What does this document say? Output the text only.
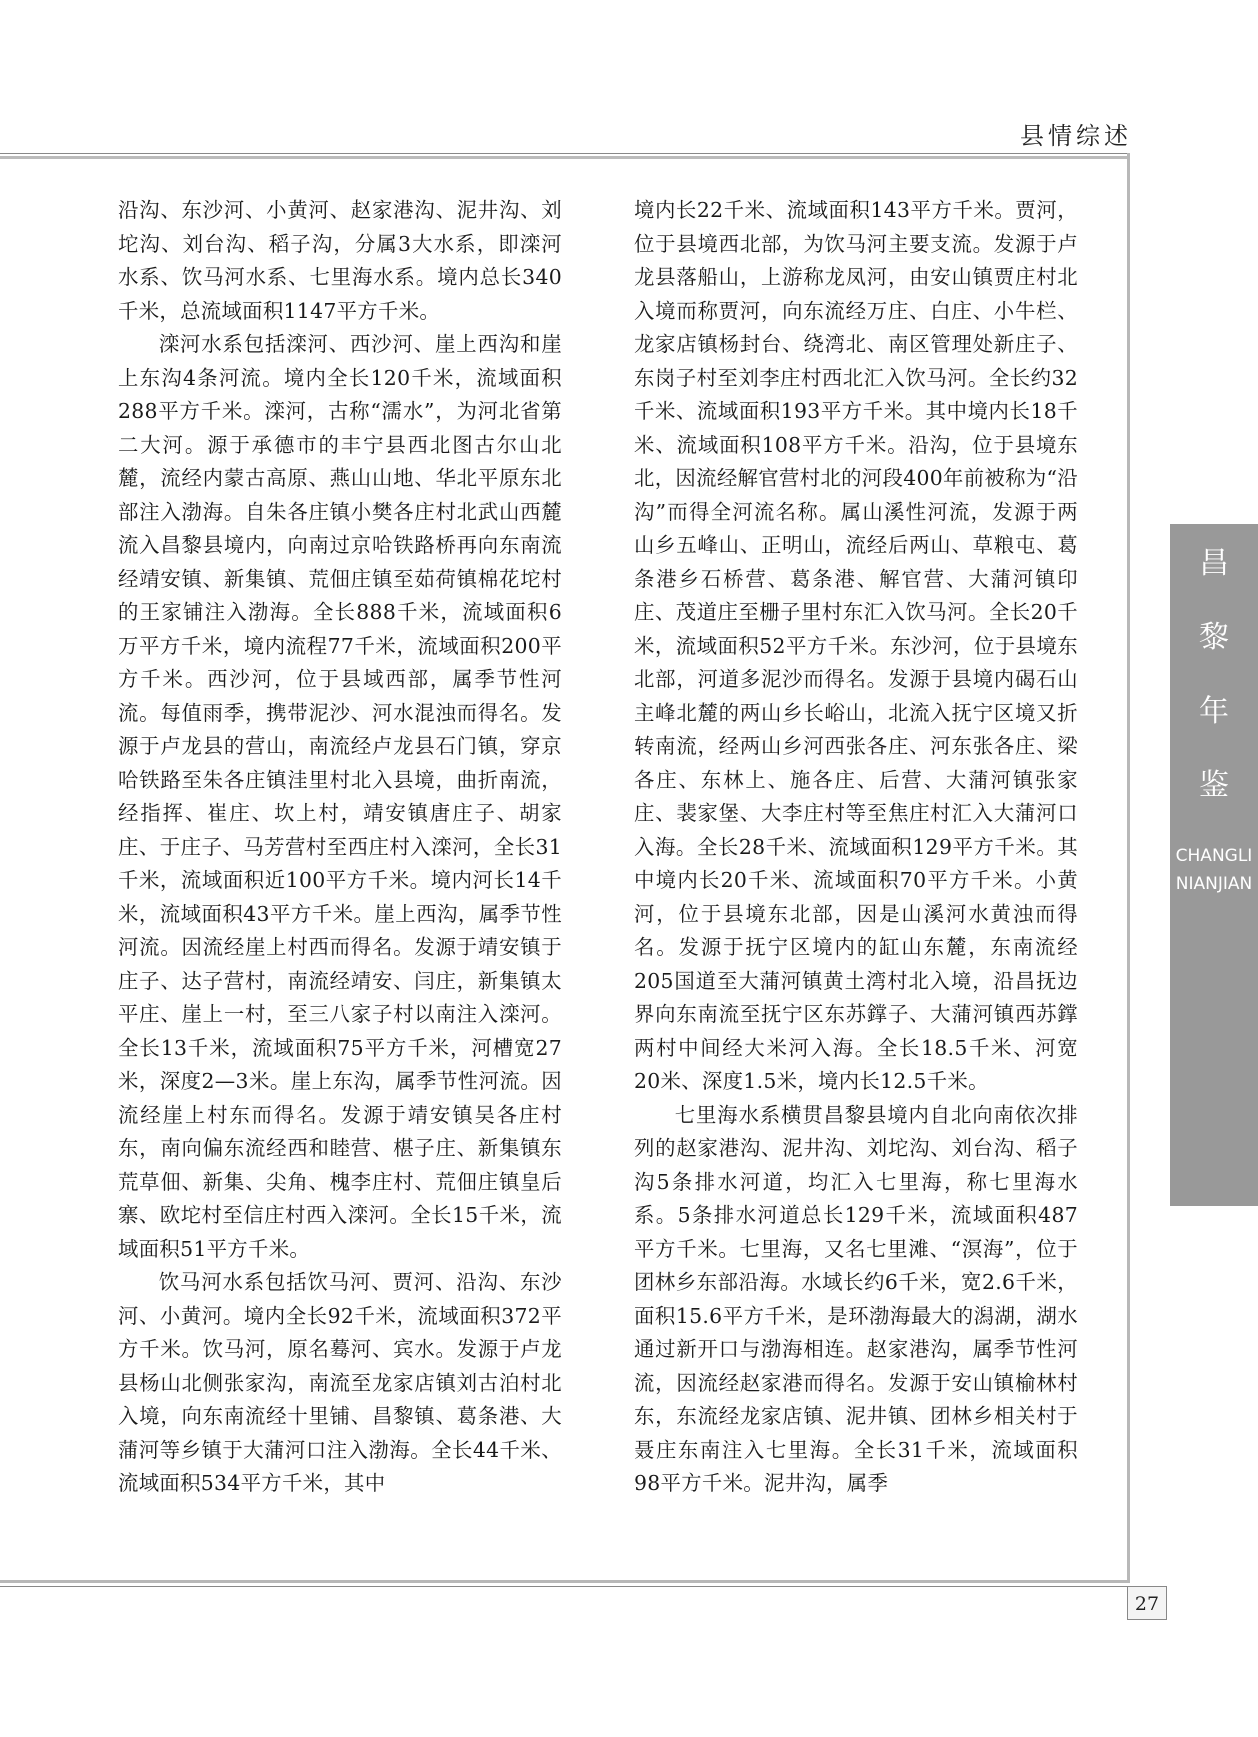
县情综述

沿沟、东沙河、小黄河、赵家港沟、泥井沟、刘坨沟、刘台沟、稻子沟，分属3大水系，即滦河水系、饮马河水系、七里海水系。境内总长340千米，总流域面积1147平方千米。

滦河水系包括滦河、西沙河、崖上西沟和崖上东沟4条河流。境内全长120千米，流域面积288平方千米。滦河，古称“濡水”，为河北省第二大河。源于承德市的丰宁县西北图古尔山北麓，流经内蒙古高原、燕山山地、华北平原东北部注入渤海。自朱各庄镇小樊各庄村北武山西麓流入昌黎县境内，向南过京哈铁路桥再向东南流经靖安镇、新集镇、荒佃庄镇至茹荷镇棉花坨村的王家铺注入渤海。全长888千米，流域面积6万平方千米，境内流程77千米，流域面积200平方千米。西沙河，位于县域西部，属季节性河流。每值雨季，携带泥沙、河水混浊而得名。发源于卢龙县的营山，南流经卢龙县石门镇，穿京哈铁路至朱各庄镇洼里村北入县境，曲折南流，经指挥、崔庄、坎上村，靖安镇唐庄子、胡家庄、于庄子、马芳营村至西庄村入滦河，全长31千米，流域面积近100平方千米。境内河长14千米，流域面积43平方千米。崖上西沟，属季节性河流。因流经崖上村西而得名。发源于靖安镇于庄子、达子营村，南流经靖安、闫庄，新集镇太平庄、崖上一村，至三八家子村以南注入滦河。全长13千米，流域面积75平方千米，河槽宽27米，深度2—3米。崖上东沟，属季节性河流。因流经崖上村东而得名。发源于靖安镇吴各庄村东，南向偏东流经西和睦营、椹子庄、新集镇东荒草佃、新集、尖角、槐李庄村、荒佃庄镇皇后寨、欧坨村至信庄村西入滦河。全长15千米，流域面积51平方千米。

饮马河水系包括饮马河、贾河、沿沟、东沙河、小黄河。境内全长92千米，流域面积372平方千米。饮马河，原名蓦河、宾水。发源于卢龙县杨山北侧张家沟，南流至龙家店镇刘古泊村北入境，向东南流经十里铺、昌黎镇、葛条港、大蒲河等乡镇于大蒲河口注入渤海。全长44千米、流域面积534平方千米，其中

境内长22千米、流域面积143平方千米。贾河，位于县境西北部，为饮马河主要支流。发源于卢龙县落船山，上游称龙凤河，由安山镇贾庄村北入境而称贾河，向东流经万庄、白庄、小牛栏、龙家店镇杨封台、绕湾北、南区管理处新庄子、东岗子村至刘李庄村西北汇入饮马河。全长约32千米、流域面积193平方千米。其中境内长18千米、流域面积108平方千米。沿沟，位于县境东北，因流经解官营村北的河段400年前被称为“沿沟”而得全河流名称。属山溪性河流，发源于两山乡五峰山、正明山，流经后两山、草粮屯、葛条港乡石桥营、葛条港、解官营、大蒲河镇印庄、茂道庄至栅子里村东汇入饮马河。全长20千米，流域面积52平方千米。东沙河，位于县境东北部，河道多泥沙而得名。发源于县境内碣石山主峰北麓的两山乡长峪山，北流入抚宁区境又折转南流，经两山乡河西张各庄、河东张各庄、梁各庄、东林上、施各庄、后营、大蒲河镇张家庄、裴家堡、大李庄村等至焦庄村汇入大蒲河口入海。全长28千米、流域面积129平方千米。其中境内长20千米、流域面积70平方千米。小黄河，位于县境东北部，因是山溪河水黄浊而得名。发源于抚宁区境内的缸山东麓，东南流经205国道至大蒲河镇黄土湾村北入境，沿昌抚边界向东南流至抚宁区东苏鐣子、大蒲河镇西苏鐣两村中间经大米河入海。全长18.5千米、河宽20米、深度1.5米，境内长12.5千米。

七里海水系横贯昌黎县境内自北向南依次排列的赵家港沟、泥井沟、刘坨沟、刘台沟、稻子沟5条排水河道，均汇入七里海，称七里海水系。5条排水河道总长129千米，流域面积487平方千米。七里海，又名七里滩、“溟海”，位于团林乡东部沿海。水域长约6千米，宽2.6千米，面积15.6平方千米，是环渤海最大的潟湖，湖水通过新开口与渤海相连。赵家港沟，属季节性河流，因流经赵家港而得名。发源于安山镇榆林村东，东流经龙家店镇、泥井镇、团林乡相关村于聂庄东南注入七里海。全长31千米，流域面积98平方千米。泥井沟，属季

昌
黎
年
鉴
CHANGLINIANJIAN
27
